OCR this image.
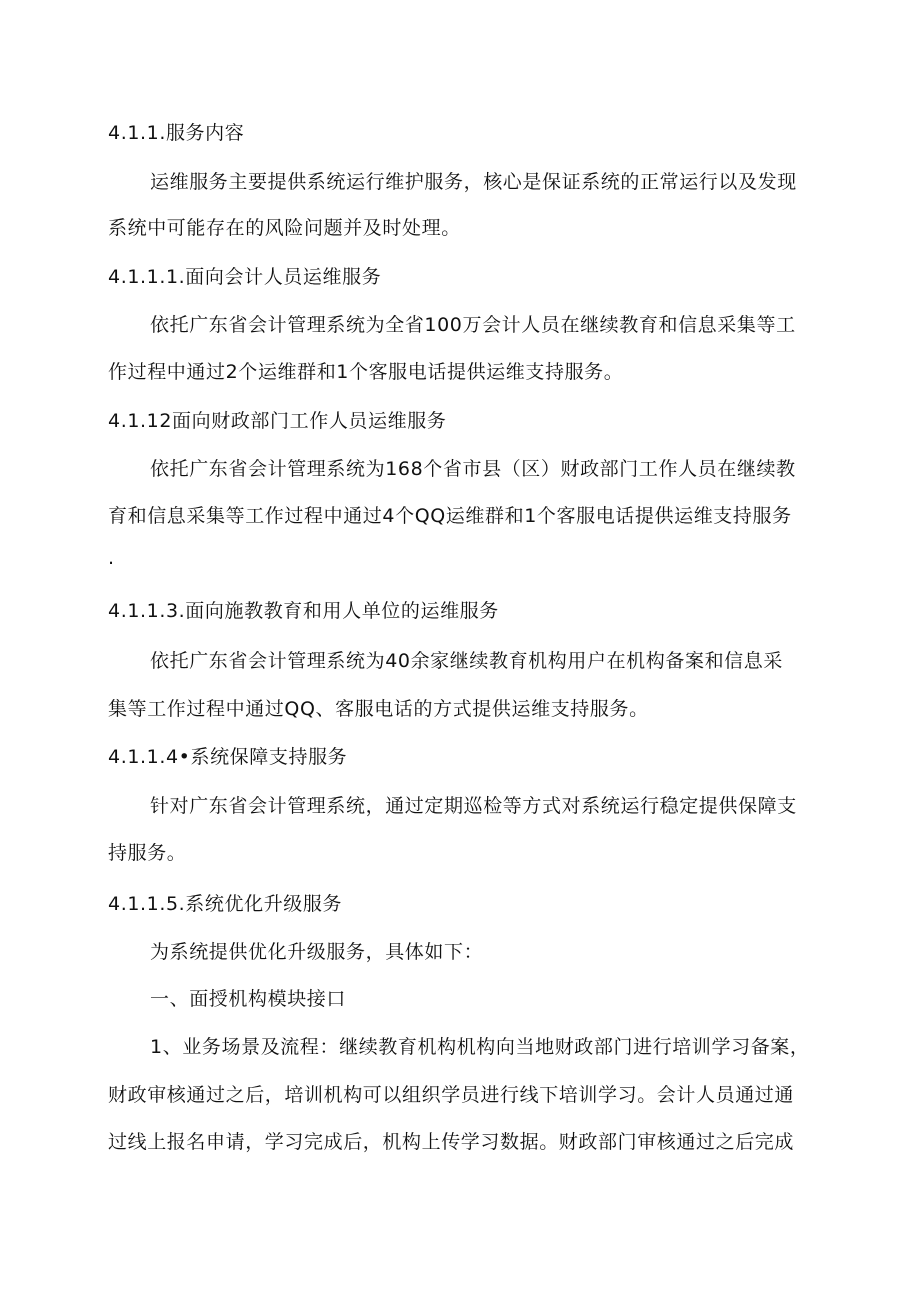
4.1.1.服务内容
运维服务主要提供系统运行维护服务，核心是保证系统的正常运行以及发现
系统中可能存在的风险问题并及时处理。
4.1.1.1.面向会计人员运维服务
依托广东省会计管理系统为全省100万会计人员在继续教育和信息采集等工
作过程中通过2个运维群和1个客服电话提供运维支持服务。
4.1.12面向财政部门工作人员运维服务
依托广东省会计管理系统为168个省市县（区）财政部门工作人员在继续教
育和信息采集等工作过程中通过4个QQ运维群和1个客服电话提供运维支持服务
.
4.1.1.3.面向施教教育和用人单位的运维服务
依托广东省会计管理系统为40余家继续教育机构用户在机构备案和信息采
集等工作过程中通过QQ、客服电话的方式提供运维支持服务。
4.1.1.4•系统保障支持服务
针对广东省会计管理系统，通过定期巡检等方式对系统运行稳定提供保障支
持服务。
4.1.1.5.系统优化升级服务
为系统提供优化升级服务，具体如下：
一、面授机构模块接口
1、业务场景及流程：继续教育机构机构向当地财政部门进行培训学习备案，
财政审核通过之后，培训机构可以组织学员进行线下培训学习。会计人员通过通
过线上报名申请，学习完成后，机构上传学习数据。财政部门审核通过之后完成
